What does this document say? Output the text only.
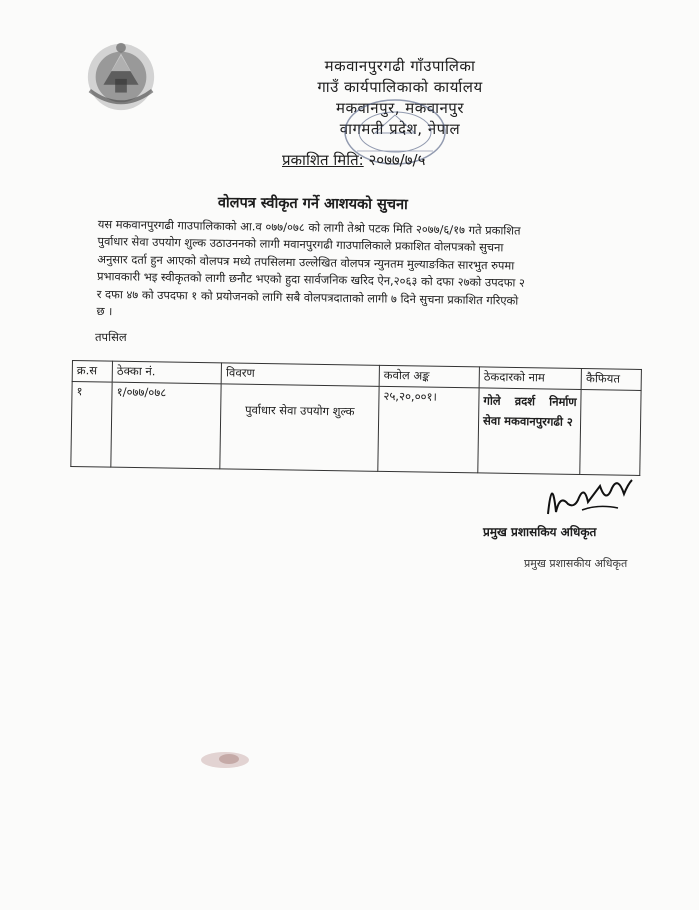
मकवानपुरगढी गाँउपालिका
गाउँ कार्यपालिकाको कार्यालय
मकवानपुर, मकवानपुर
वागमती प्रदेश, नेपाल
प्रकाशित मिति: २०७७/७/५
वोलपत्र स्वीकृत गर्ने आशयको सुचना
यस मकवानपुरगढी गाउपालिकाको आ.व ०७७/०७८ को लागी तेश्रो पटक मिति २०७७/६/१७ गते प्रकाशित
पुर्वाधार सेवा उपयोग शुल्क उठाउननको लागी मवानपुरगढी गाउपालिकाले प्रकाशित वोलपत्रको सुचना
अनुसार दर्ता हुन आएको वोलपत्र मध्ये तपसिलमा उल्लेखित वोलपत्र न्युनतम मुल्याङकित सारभुत रुपमा
प्रभावकारी भइ स्वीकृतको लागी छनौट भएको हुदा सार्वजनिक खरिद ऐन,२०६३ को दफा २७को उपदफा २
र दफा ४७ को उपदफा १ को प्रयोजनको लागि सबै वोलपत्रदाताको लागी ७ दिने सुचना प्रकाशित गरिएको
छ ।
तपसिल
क्र.स	ठेक्का नं.	विवरण	कवोल अङ्क	ठेकदारको नाम	कैफियत
१	१/०७७/०७८	पुर्वाधार सेवा उपयोग शुल्क	२५,२०,००१।	गोले व्रदर्श निर्माण सेवा मकवानपुरगढी २	
प्रमुख प्रशासकिय अधिकृत
प्रमुख प्रशासकीय अधिकृत
